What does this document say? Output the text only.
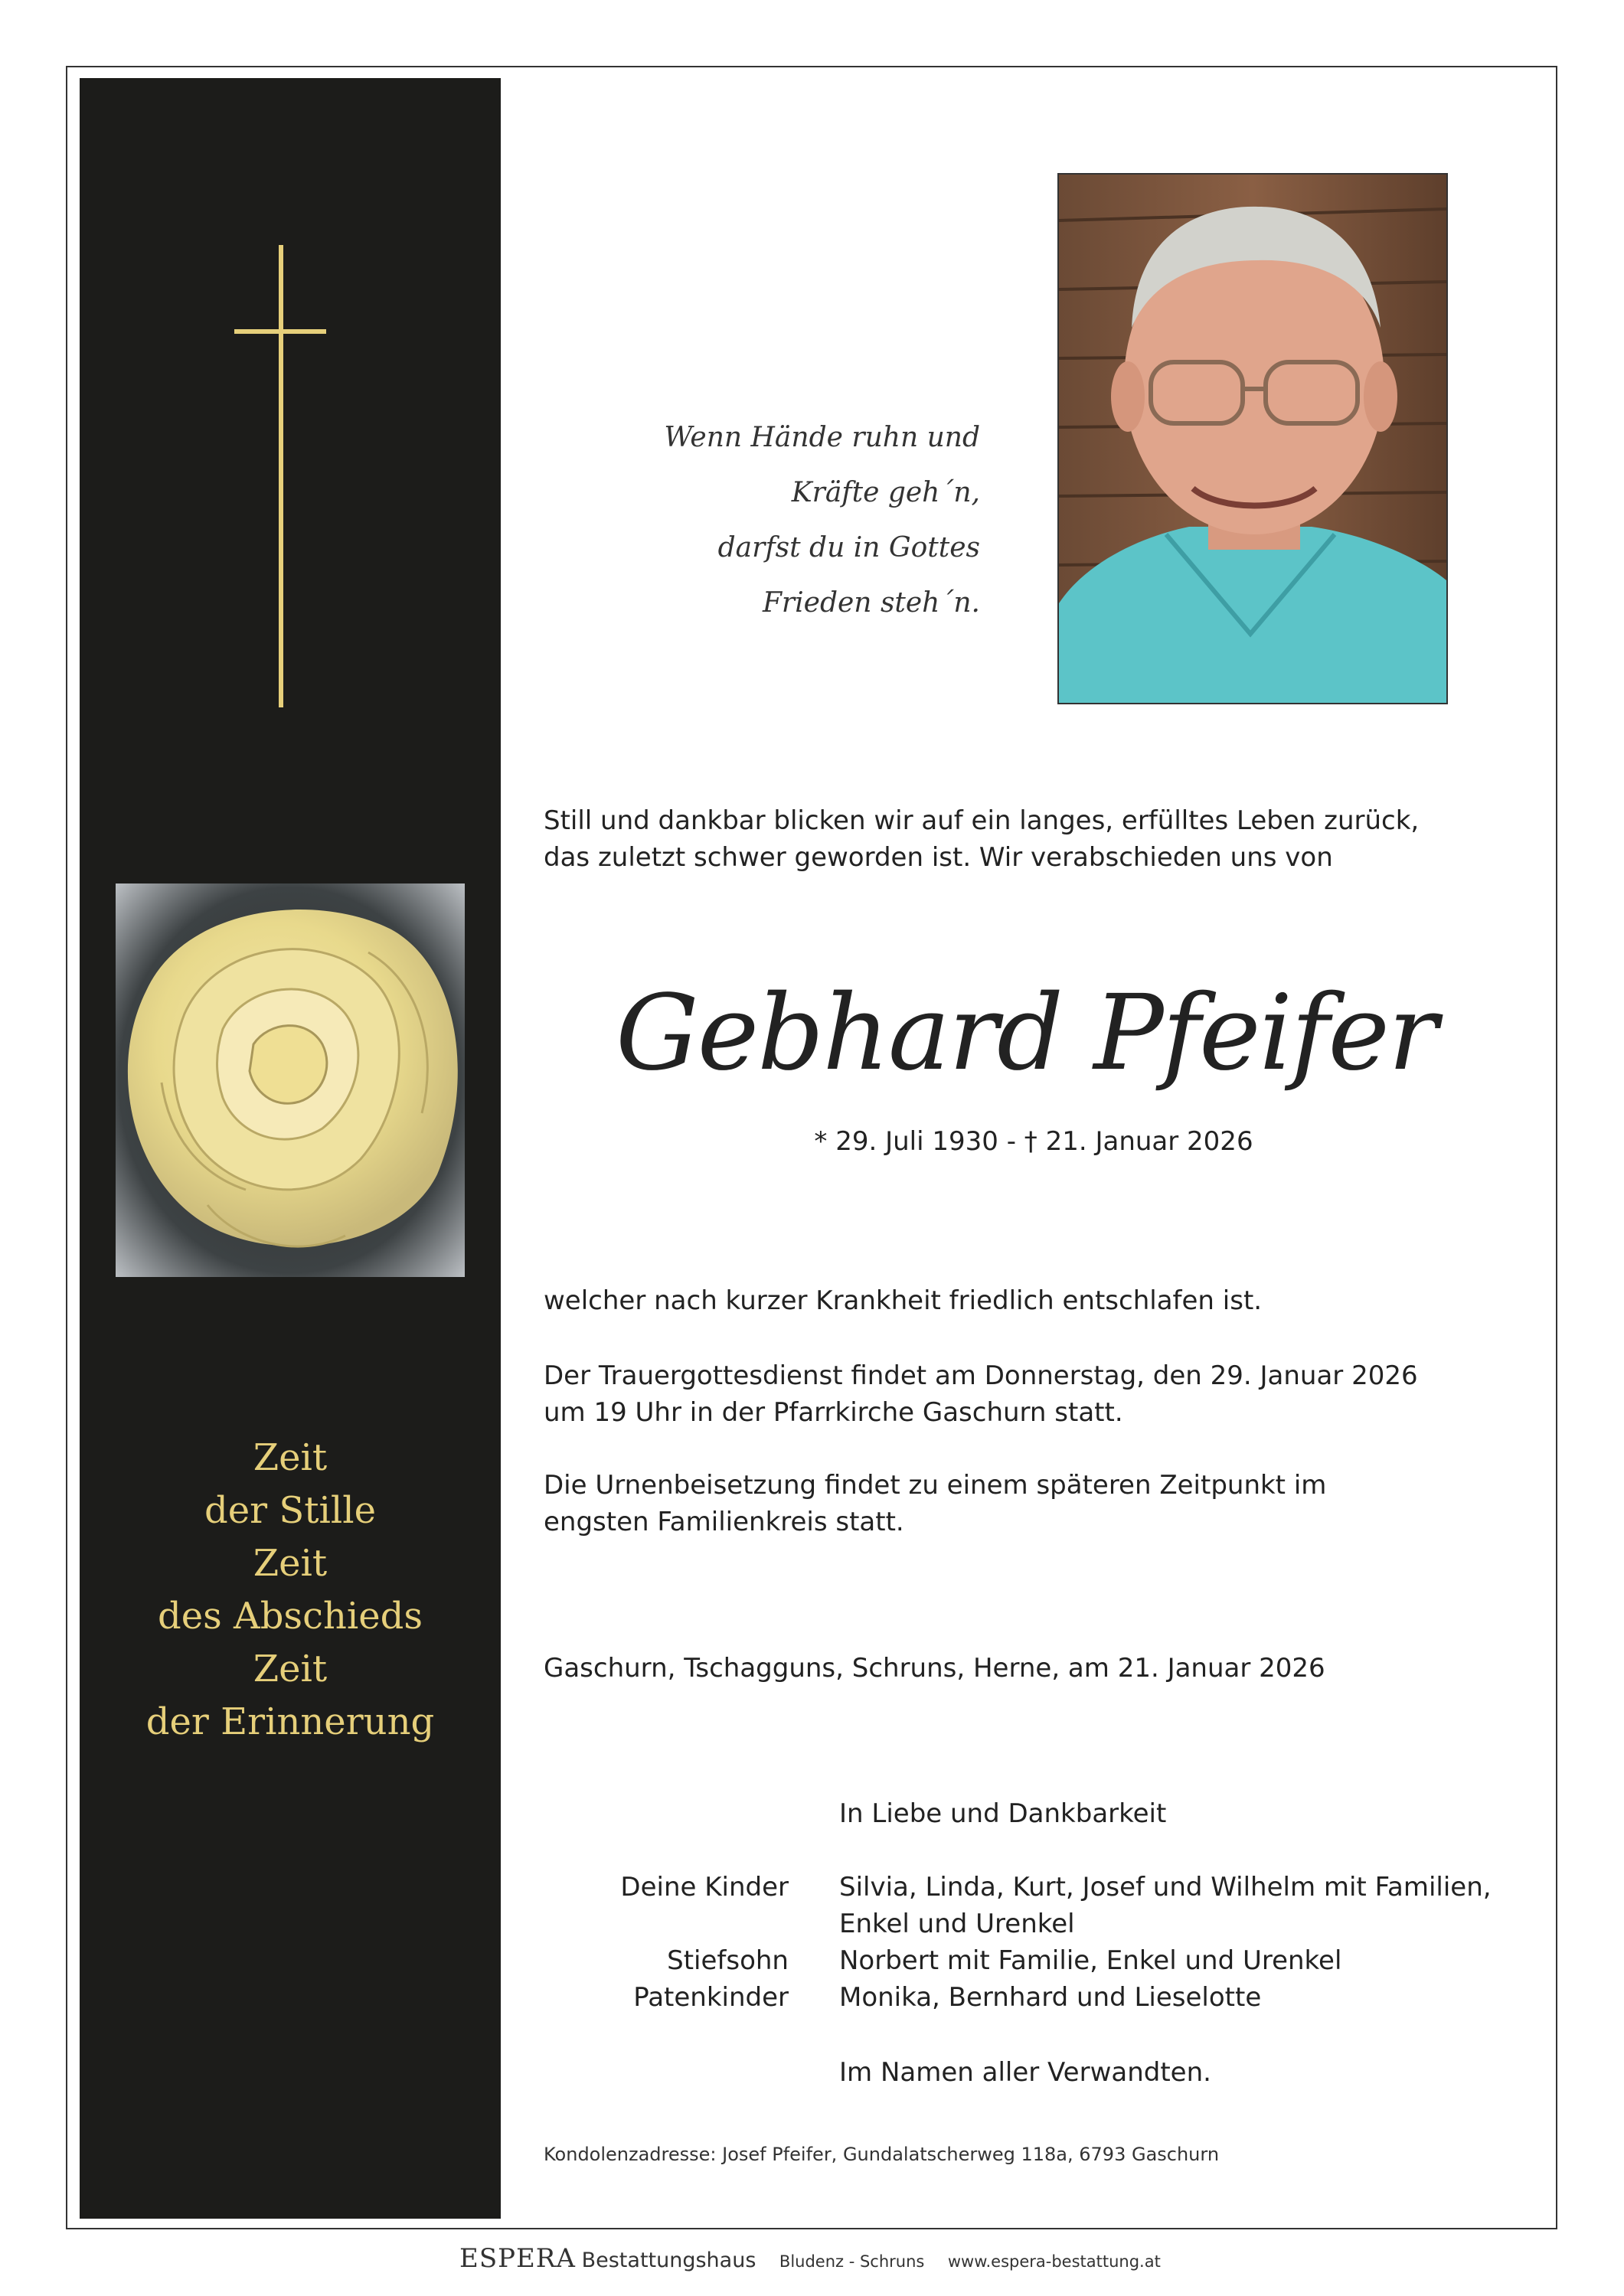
Zeit
der Stille
Zeit
des Abschieds
Zeit
der Erinnerung
Wenn Hände ruhn und
Kräfte geh´n,
darfst du in Gottes
Frieden steh´n.
Still und dankbar blicken wir auf ein langes, erfülltes Leben zurück,
das zuletzt schwer geworden ist. Wir verabschieden uns von
Gebhard Pfeifer
* 29. Juli 1930 - † 21. Januar 2026
welcher nach kurzer Krankheit friedlich entschlafen ist.
Der Trauergottesdienst findet am Donnerstag, den 29. Januar 2026
um 19 Uhr in der Pfarrkirche Gaschurn statt.
Die Urnenbeisetzung findet zu einem späteren Zeitpunkt im
engsten Familienkreis statt.
Gaschurn, Tschagguns, Schruns, Herne, am 21. Januar 2026
In Liebe und Dankbarkeit
Deine Kinder Silvia, Linda, Kurt, Josef und Wilhelm mit Familien,
Enkel und Urenkel
Stiefsohn Norbert mit Familie, Enkel und Urenkel
Patenkinder Monika, Bernhard und Lieselotte
Im Namen aller Verwandten.
Kondolenzadresse: Josef Pfeifer, Gundalatscherweg 118a, 6793 Gaschurn
ESPERA Bestattungshaus Bludenz - Schruns www.espera-bestattung.at
